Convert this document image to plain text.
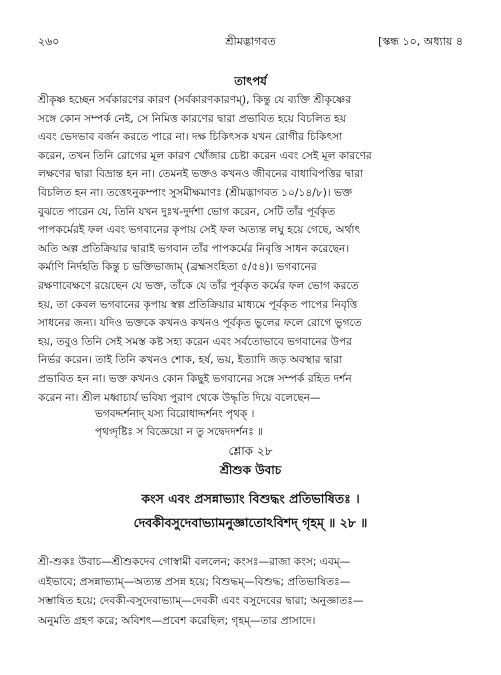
২৬০	শ্রীমদ্ভাগবত	[স্কন্ধ ১০, অধ্যায় ৪
তাৎপর্য
শ্রীকৃষ্ণ হচ্ছেন সর্বকারণের কারণ (সর্বকারণকারণম্), কিন্তু যে ব্যক্তি শ্রীকৃষ্ণের
সঙ্গে কোন সম্পর্ক নেই, সে নিমিত্ত কারণের দ্বারা প্রভাবিত হয়ে বিচলিত হয়
এবং ভেদভাব বর্জন করতে পারে না। দক্ষ চিকিৎসক যখন রোগীর চিকিৎসা
করেন, তখন তিনি রোগের মূল কারণ খোঁজার চেষ্টা করেন এবং সেই মূল কারণের
লক্ষণের দ্বারা বিভ্রান্ত হন না। তেমনই ভক্তও কখনও জীবনের বাধাবিপত্তির দ্বারা
বিচলিত হন না। তত্তেঽনুকম্পাং সুসমীক্ষমাণঃ (শ্রীমদ্ভাগবত ১০/১৪/৮)। ভক্ত
বুঝতে পারেন যে, তিনি যখন দুঃখ-দুর্দশা ভোগ করেন, সেটি তাঁর পূর্বকৃত
পাপকর্মেরই ফল এবং ভগবানের কৃপায় সেই ফল অত্যন্ত লঘু হয়ে গেছে, অর্থাৎ
অতি অল্প প্রতিক্রিয়ার দ্বারাই ভগবান তাঁর পাপকর্মের নিবৃত্তি সাধন করেছেন।
কর্মাণি নির্দহতি কিন্তু চ ভক্তিভাজাম্ (ব্রহ্মসংহিতা ৫/৫৪)। ভগবানের
রক্ষণাবেক্ষণে রয়েছেন যে ভক্ত, তাঁকে যে তাঁর পূর্বকৃত কর্মের ফল ভোগ করতে
হয়, তা কেবল ভগবানের কৃপায় স্বল্প প্রতিক্রিয়ার মাধ্যমে পূর্বকৃত পাপের নিবৃত্তি
সাধনের জন্য। যদিও ভক্তকে কখনও কখনও পূর্বকৃত ভুলের ফলে রোগে ভুগতে
হয়, তবুও তিনি সেই সমস্ত কষ্ট সহ্য করেন এবং সর্বতোভাবে ভগবানের উপর
নির্ভর করেন। তাই তিনি কখনও শোক, হর্ষ, ভয়, ইত্যাদি জড় অবস্থার দ্বারা
প্রভাবিত হন না। ভক্ত কখনও কোন কিছুই ভগবানের সঙ্গে সম্পর্ক রহিত দর্শন
করেন না। শ্রীল মধ্বাচার্য ভবিষ্য পুরাণ থেকে উদ্ধৃতি দিয়ে বলেছেন—
ভগবদ্দর্শনাদ্ যস্য বিরোধাদ্দর্শনং পৃথক্ ।
পৃথগ্দৃষ্টিঃ স বিজ্ঞেয়ো ন তু সদ্বেদদর্শনঃ ॥
শ্লোক ২৮
শ্রীশুক উবাচ
কংস এবং প্রসন্নাভ্যাং বিশুদ্ধং প্রতিভাষিতঃ ।
দেবকীবসুদেবাভ্যামনুজ্ঞাতোঽবিশদ্ গৃহম্ ॥ ২৮ ॥
শ্রী-শুকঃ উবাচ—শ্রীশুকদেব গোস্বামী বললেন; কংসঃ—রাজা কংস; এবম্—
এইভাবে; প্রসন্নাভ্যাম্—অত্যন্ত প্রসন্ন হয়ে; বিশুদ্ধম্—বিশুদ্ধ; প্রতিভাষিতঃ—
সম্ভাষিত হয়ে; দেবকী-বসুদেবাভ্যাম্—দেবকী এবং বসুদেবের দ্বারা; অনুজ্ঞাতঃ—
অনুমতি গ্রহণ করে; অবিশৎ—প্রবেশ করেছিল; গৃহম্—তার প্রাসাদে।
